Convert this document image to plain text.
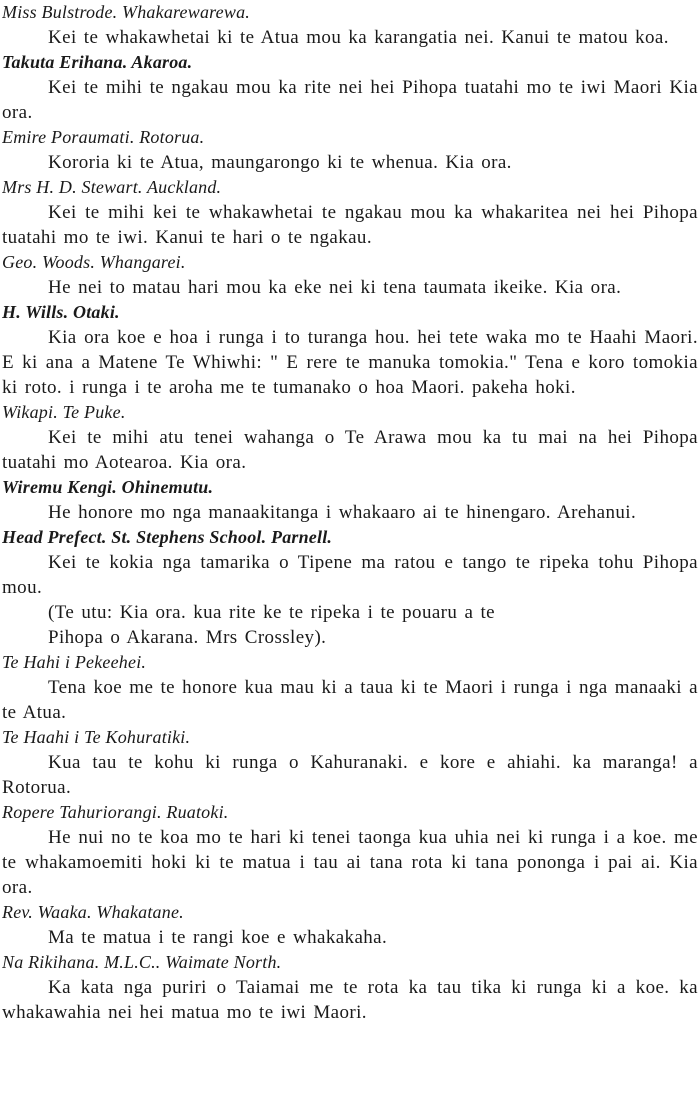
Miss Bulstrode. Whakarewarewa.
Kei te whakawhetai ki te Atua mou ka karangatia nei. Kanui te matou koa.
Takuta Erihana. Akaroa.
Kei te mihi te ngakau mou ka rite nei hei Pihopa tuatahi mo te iwi Maori Kia ora.
Emire Poraumati. Rotorua.
Kororia ki te Atua, maungarongo ki te whenua. Kia ora.
Mrs H. D. Stewart. Auckland.
Kei te mihi kei te whakawhetai te ngakau mou ka whakaritea nei hei Pihopa tuatahi mo te iwi. Kanui te hari o te ngakau.
Geo. Woods. Whangarei.
He nei to matau hari mou ka eke nei ki tena taumata ikeike. Kia ora.
H. Wills. Otaki.
Kia ora koe e hoa i runga i to turanga hou. hei tete waka mo te Haahi Maori. E ki ana a Matene Te Whiwhi: " E rere te manuka tomokia." Tena e koro tomokia ki roto. i runga i te aroha me te tumanako o hoa Maori. pakeha hoki.
Wikapi. Te Puke.
Kei te mihi atu tenei wahanga o Te Arawa mou ka tu mai na hei Pihopa tuatahi mo Aotearoa. Kia ora.
Wiremu Kengi. Ohinemutu.
He honore mo nga manaakitanga i whakaaro ai te hinengaro. Arehanui.
Head Prefect. St. Stephens School. Parnell.
Kei te kokia nga tamarika o Tipene ma ratou e tango te ripeka tohu Pihopa mou.
(Te utu: Kia ora. kua rite ke te ripeka i te pouaru a te
Pihopa o Akarana. Mrs Crossley).
Te Hahi i Pekeehei.
Tena koe me te honore kua mau ki a taua ki te Maori i runga i nga manaaki a te Atua.
Te Haahi i Te Kohuratiki.
Kua tau te kohu ki runga o Kahuranaki. e kore e ahiahi. ka maranga! a Rotorua.
Ropere Tahuriorangi. Ruatoki.
He nui no te koa mo te hari ki tenei taonga kua uhia nei ki runga i a koe. me te whakamoemiti hoki ki te matua i tau ai tana rota ki tana pononga i pai ai. Kia ora.
Rev. Waaka. Whakatane.
Ma te matua i te rangi koe e whakakaha.
Na Rikihana. M.L.C.. Waimate North.
Ka kata nga puriri o Taiamai me te rota ka tau tika ki runga ki a koe. ka whakawahia nei hei matua mo te iwi Maori.
